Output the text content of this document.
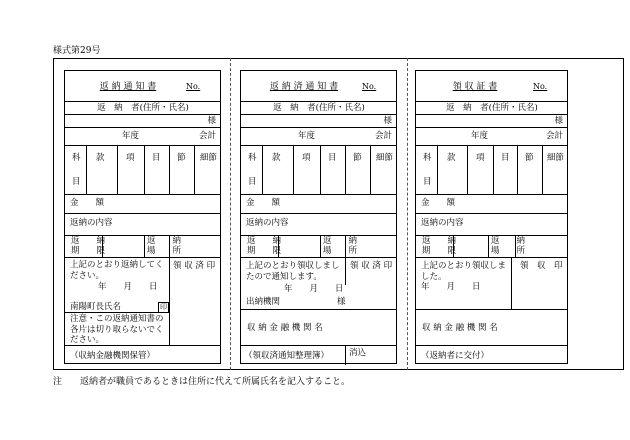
様式第29号
返 納 通 知 書	No.
返　納　者(住所・氏名)
様
年度	会計
科
目
款	項 目 節 細節
金　　額
返納の内容
返　　納
期　　限
返　　納
場　　所
上記のとおり返納してください。
年　　月　　日
南陽町長氏名	印
注意・この返納通知書の各片は切り取らないでください。
領 収 済 印
（収納金融機関保管）
返 納 済 通 知 書	No.
返　納　者(住所・氏名)
様
年度	会計
科
目
款	項 目 節 細節
金　　額
返納の内容
返　　納
期　　限
返　　納
場　　所
上記のとおり領収しましたので通知します。
年　　月　　日
出納機関	様
領 収 済 印
収 納 金 融 機 関 名
消込
（領収済通知整理簿）
領 収 証 書	No.
返　納　者(住所・氏名)
様
年度	会計
科
目
款 項 目 節 細節
金　　額
返納の内容
返　　納
期　　限
返　　納
場　　所
上記のとおり領収しました。
年　　月　　日
領　収　印
収 納 金 融 機 関 名
（返納者に交付）
注　　返納者が職員であるときは住所に代えて所属氏名を記入すること。
